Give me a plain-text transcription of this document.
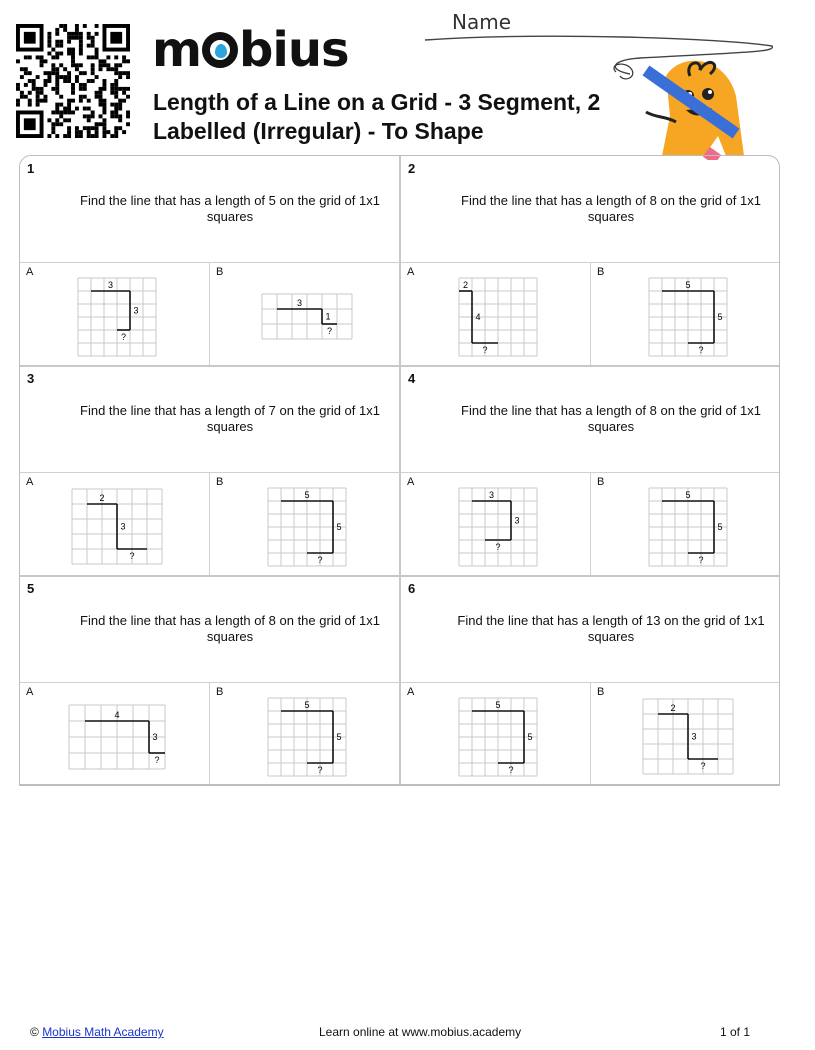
m bius	Name
Length of a Line on a Grid - 3 Segment, 2 Labelled (Irregular) - To Shape
1
Find the line that has a length of 5 on the grid of 1x1 squares
A
3
3
?
B
3
1
?
2
Find the line that has a length of 8 on the grid of 1x1 squares
A
2
4
?
B
5
5
?
3
Find the line that has a length of 7 on the grid of 1x1 squares
A
2
3
?
B
5
5
?
4
Find the line that has a length of 8 on the grid of 1x1 squares
A
3
3
?
B
5
5
?
5
Find the line that has a length of 8 on the grid of 1x1 squares
A
4
3
?
B
5
5
?
6
Find the line that has a length of 13 on the grid of 1x1 squares
A
5
5
?
B
2
3
?
© Mobius Math Academy	Learn online at www.mobius.academy	1 of 1
